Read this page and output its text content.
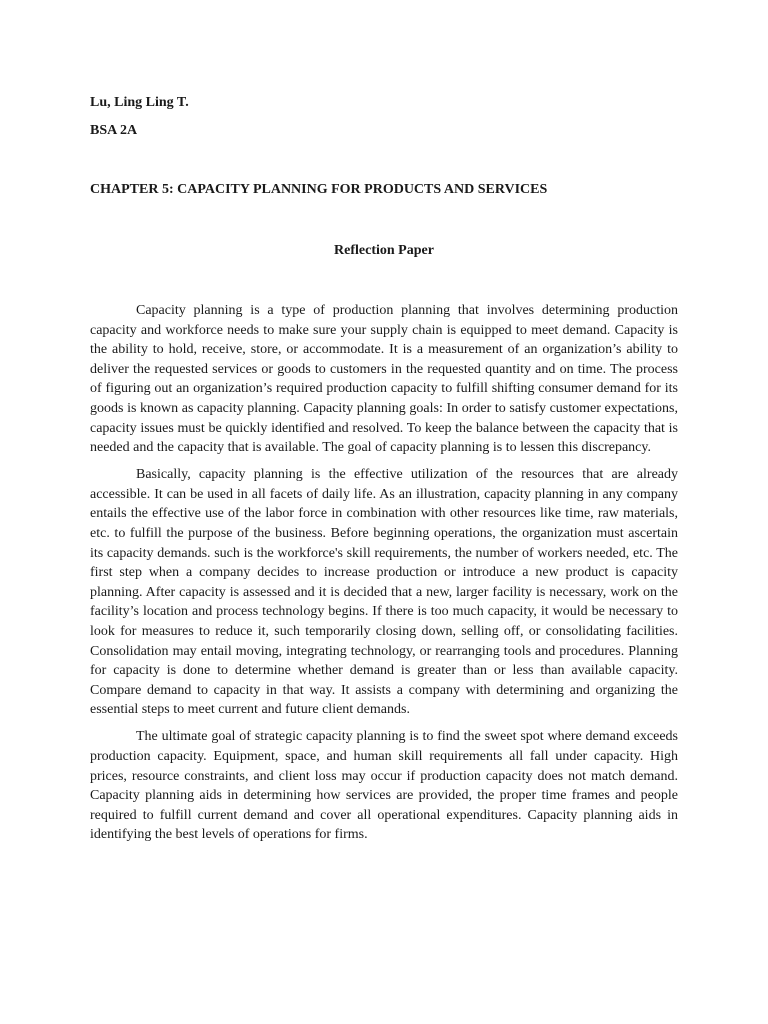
Lu, Ling Ling T.

BSA 2A

CHAPTER 5: CAPACITY PLANNING FOR PRODUCTS AND SERVICES
Reflection Paper

Capacity planning is a type of production planning that involves determining production capacity and workforce needs to make sure your supply chain is equipped to meet demand. Capacity is the ability to hold, receive, store, or accommodate. It is a measurement of an organization’s ability to deliver the requested services or goods to customers in the requested quantity and on time. The process of figuring out an organization’s required production capacity to fulfill shifting consumer demand for its goods is known as capacity planning. Capacity planning goals: In order to satisfy customer expectations, capacity issues must be quickly identified and resolved. To keep the balance between the capacity that is needed and the capacity that is available. The goal of capacity planning is to lessen this discrepancy.

Basically, capacity planning is the effective utilization of the resources that are already accessible. It can be used in all facets of daily life. As an illustration, capacity planning in any company entails the effective use of the labor force in combination with other resources like time, raw materials, etc. to fulfill the purpose of the business. Before beginning operations, the organization must ascertain its capacity demands. such is the workforce's skill requirements, the number of workers needed, etc. The first step when a company decides to increase production or introduce a new product is capacity planning. After capacity is assessed and it is decided that a new, larger facility is necessary, work on the facility’s location and process technology begins. If there is too much capacity, it would be necessary to look for measures to reduce it, such temporarily closing down, selling off, or consolidating facilities. Consolidation may entail moving, integrating technology, or rearranging tools and procedures. Planning for capacity is done to determine whether demand is greater than or less than available capacity. Compare demand to capacity in that way. It assists a company with determining and organizing the essential steps to meet current and future client demands.

The ultimate goal of strategic capacity planning is to find the sweet spot where demand exceeds production capacity. Equipment, space, and human skill requirements all fall under capacity. High prices, resource constraints, and client loss may occur if production capacity does not match demand. Capacity planning aids in determining how services are provided, the proper time frames and people required to fulfill current demand and cover all operational expenditures. Capacity planning aids in identifying the best levels of operations for firms.
